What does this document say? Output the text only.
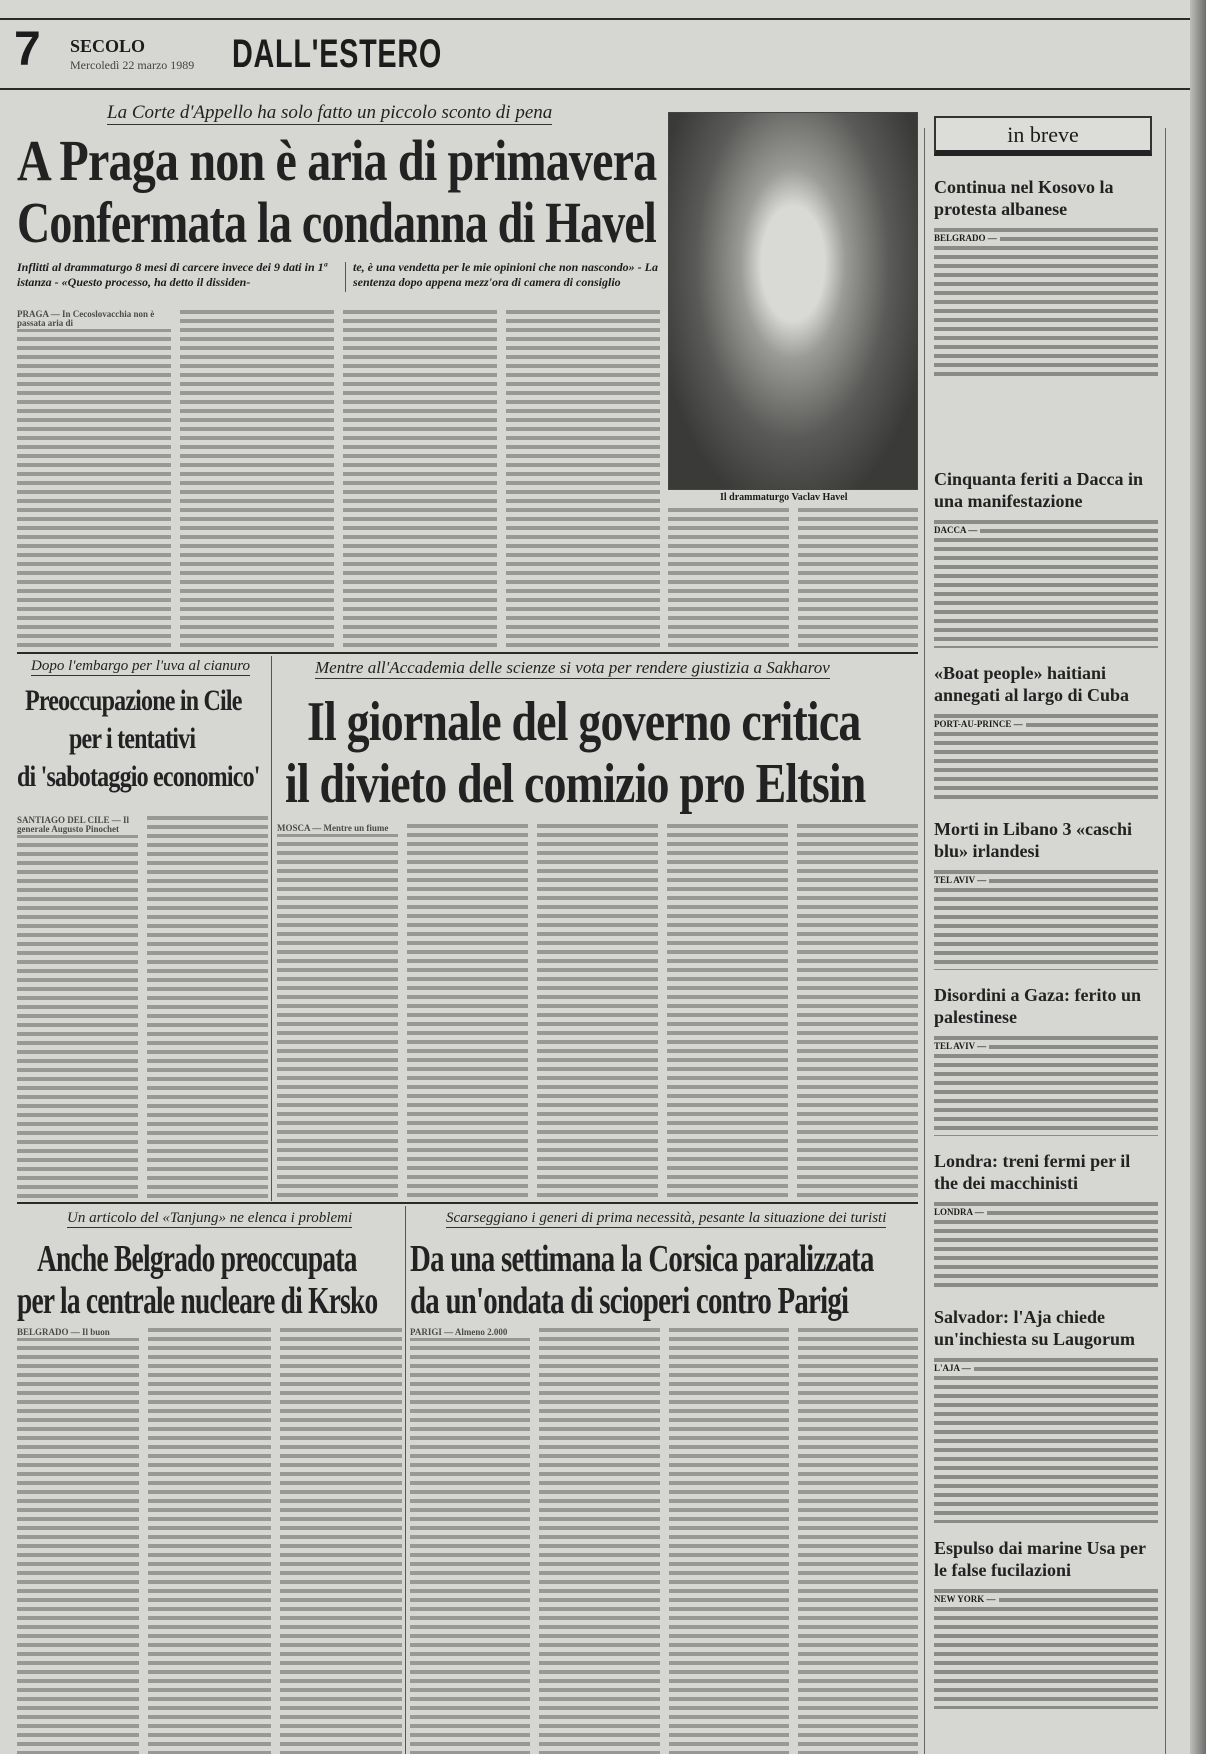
7 SECOLO
Mercoledì 22 marzo 1989 DALL'ESTERO
La Corte d'Appello ha solo fatto un piccolo sconto di pena
A Praga non è aria di primavera
Confermata la condanna di Havel
Inflitti al drammaturgo 8 mesi di carcere invece dei 9 dati in 1ª istanza - «Questo processo, ha detto il dissiden-
te, è una vendetta per le mie opinioni che non nascondo» - La sentenza dopo appena mezz'ora di camera di consiglio
PRAGA — In Cecoslovacchia non è passata aria di
Il drammaturgo Vaclav Havel
Dopo l'embargo per l'uva al cianuro
Preoccupazione in Cile
per i tentativi
di 'sabotaggio economico'
SANTIAGO DEL CILE — Il generale Augusto Pinochet
Mentre all'Accademia delle scienze si vota per rendere giustizia a Sakharov
Il giornale del governo critica
il divieto del comizio pro Eltsin
MOSCA — Mentre un fiume
Un articolo del «Tanjung» ne elenca i problemi
Anche Belgrado preoccupata
per la centrale nucleare di Krsko
BELGRADO — Il buon
Scarseggiano i generi di prima necessità, pesante la situazione dei turisti
Da una settimana la Corsica paralizzata
da un'ondata di scioperi contro Parigi
PARIGI — Almeno 2.000
in breve
Continua nel Kosovo la protesta albanese
BELGRADO —
Cinquanta feriti a Dacca in una manifestazione
DACCA —
«Boat people» haitiani annegati al largo di Cuba
PORT-AU-PRINCE —
Morti in Libano 3 «caschi blu» irlandesi
TEL AVIV —
Disordini a Gaza: ferito un palestinese
TEL AVIV —
Londra: treni fermi per il the dei macchinisti
LONDRA —
Salvador: l'Aja chiede un'inchiesta su Laugorum
L'AJA —
Espulso dai marine Usa per le false fucilazioni
NEW YORK —
